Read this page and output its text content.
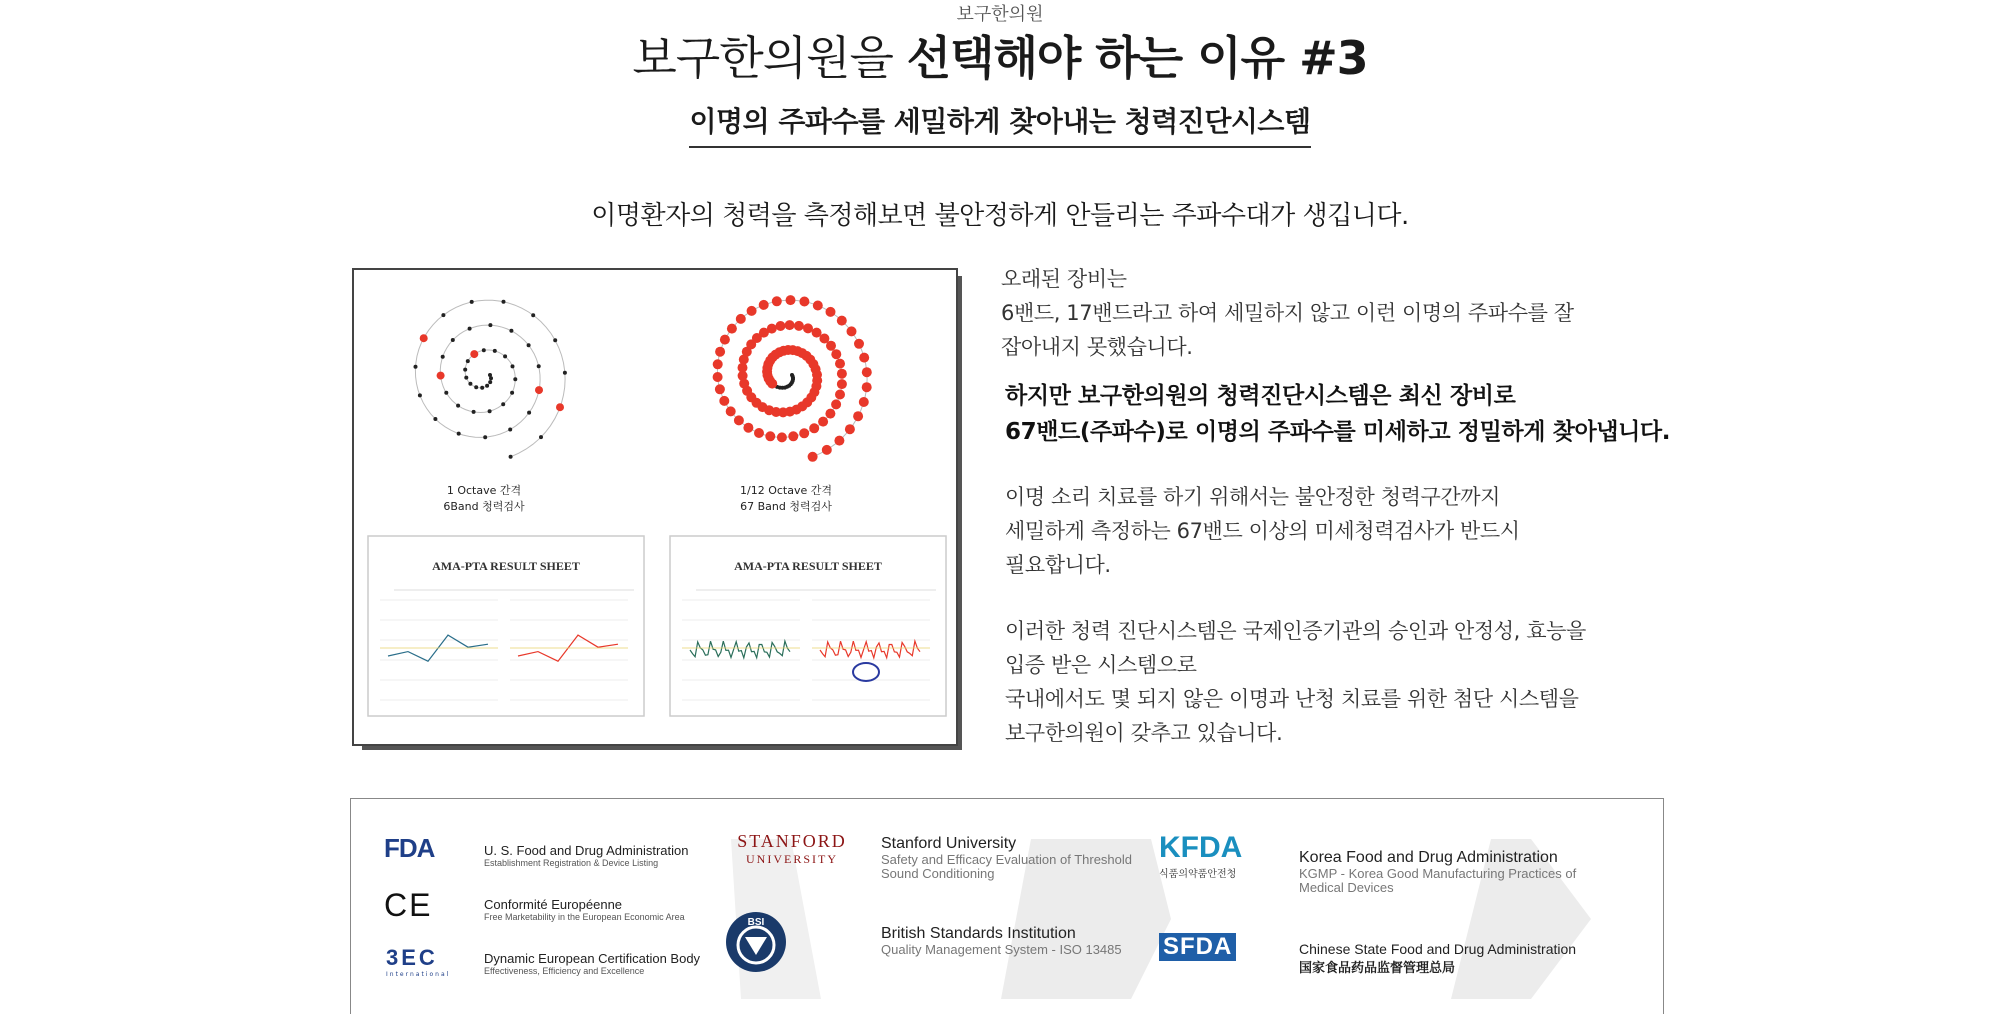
보구한의원
보구한의원을 선택해야 하는 이유 #3
이명의 주파수를 세밀하게 찾아내는 청력진단시스템

이명환자의 청력을 측정해보면 불안정하게 안들리는 주파수대가 생깁니다.

1 Octave 간격
6Band 청력검사
1/12 Octave 간격
67 Band 청력검사
AMA-PTA RESULT SHEET	AMA-PTA RESULT SHEET
오래된 장비는
6밴드, 17밴드라고 하여 세밀하지 않고 이런 이명의 주파수를 잘
잡아내지 못했습니다.
하지만 보구한의원의 청력진단시스템은 최신 장비로
67밴드(주파수)로 이명의 주파수를 미세하고 정밀하게 찾아냅니다.
이명 소리 치료를 하기 위해서는 불안정한 청력구간까지
세밀하게 측정하는 67밴드 이상의 미세청력검사가 반드시
필요합니다.
이러한 청력 진단시스템은 국제인증기관의 승인과 안정성, 효능을
입증 받은 시스템으로
국내에서도 몇 되지 않은 이명과 난청 치료를 위한 첨단 시스템을
보구한의원이 갖추고 있습니다.
FDA	U. S. Food and Drug Administration
Establishment Registration & Device Listing
CE	Conformité Européenne
Free Marketability in the European Economic Area
3EC
International
Dynamic European Certification Body
Effectiveness, Efficiency and Excellence
STANFORD
UNIVERSITY
Stanford University
Safety and Efficacy Evaluation of Threshold
Sound Conditioning
BSI
British Standards Institution
Quality Management System - ISO 13485
KFDA
식품의약품안전청
Korea Food and Drug Administration
KGMP - Korea Good Manufacturing Practices of
Medical Devices
SFDA	Chinese State Food and Drug Administration
国家食品药品监督管理总局
